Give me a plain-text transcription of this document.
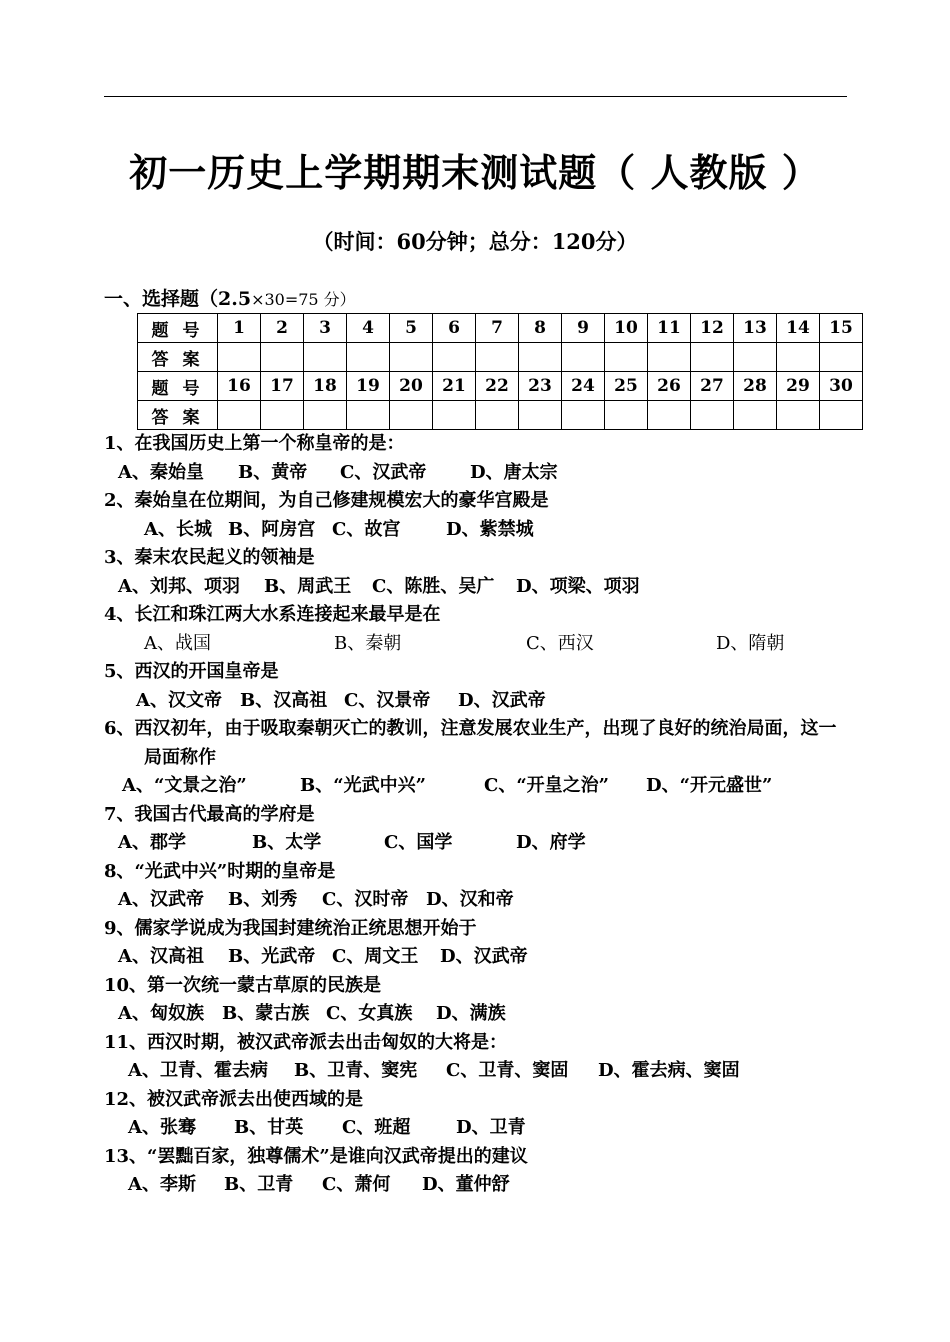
初一历史上学期期末测试题（ 人教版 ）
（时间：60分钟；总分：120分）
一、选择题（2.5×30=75 分）
题 号	1	2	3	4	5	6	7	8	9	10	11	12	13	14	15
答 案															
题 号	16	17	18	19	20	21	22	23	24	25	26	27	28	29	30
答 案															
1、在我国历史上第一个称皇帝的是：
A、秦始皇 B、黄帝 C、汉武帝 D、唐太宗
2、秦始皇在位期间，为自己修建规模宏大的豪华宫殿是
A、长城 B、阿房宫 C、故宫	D、紫禁城
3、秦末农民起义的领袖是
A、刘邦、项羽 B、周武王 C、陈胜、吴广 D、项梁、项羽
4、长江和珠江两大水系连接起来最早是在
A、战国	B、秦朝	C、西汉	D、隋朝
5、西汉的开国皇帝是
A、汉文帝 B、汉高祖 C、汉景帝 D、汉武帝
6、西汉初年，由于吸取秦朝灭亡的教训，注意发展农业生产，出现了良好的统治局面，这一
局面称作
A、“文景之治”	B、“光武中兴”	C、“开皇之治” D、“开元盛世”
7、我国古代最高的学府是
A、郡学	B、太学	C、国学	D、府学
8、“光武中兴”时期的皇帝是
A、汉武帝 B、刘秀 C、汉时帝 D、汉和帝
9、儒家学说成为我国封建统治正统思想开始于
A、汉高祖 B、光武帝 C、周文王 D、汉武帝
10、第一次统一蒙古草原的民族是
A、匈奴族 B、蒙古族 C、女真族 D、满族
11、西汉时期，被汉武帝派去出击匈奴的大将是：
A、卫青、霍去病 B、卫青、窦宪 C、卫青、窦固 D、霍去病、窦固
12、被汉武帝派去出使西域的是
A、张骞 B、甘英 C、班超	D、卫青
13、“罢黜百家，独尊儒术”是谁向汉武帝提出的建议
A、李斯 B、卫青 C、萧何 D、董仲舒
